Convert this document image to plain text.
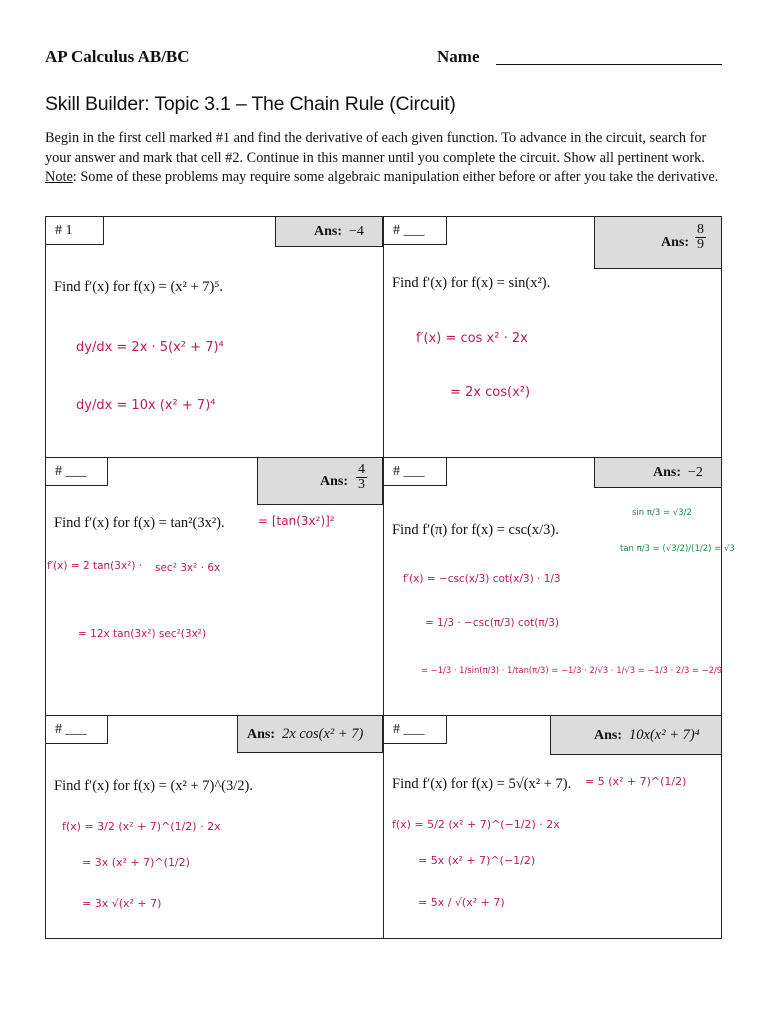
AP Calculus AB/BC	Name
Skill Builder: Topic 3.1 – The Chain Rule (Circuit)
Begin in the first cell marked #1 and find the derivative of each given function. To advance in the circuit, search for your answer and mark that cell #2. Continue in this manner until you complete the circuit. Show all pertinent work. Note: Some of these problems may require some algebraic manipulation either before or after you take the derivative.
# 1	Ans: −4
Find f′(x) for f(x) = (x² + 7)⁵.
dy/dx = 2x · 5(x² + 7)⁴
dy/dx = 10x (x² + 7)⁴
# ___
Ans: $\frac{8}{9}$
Find f′(x) for f(x) = sin(x²).
f′(x) = cos x² · 2x
= 2x cos(x²)
# ___
Ans: $\frac{4}{3}$
Find f′(x) for f(x) = tan²(3x²).	= [tan(3x²)]²
f′(x) = 2 tan(3x²) · sec² 3x² · 6x
= 12x tan(3x²) sec²(3x²)
# ___	Ans: −2
Find f′(π) for f(x) = csc(x/3).
sin π/3 = √3/2
tan π/3 = (√3/2)/(1/2) = √3
f′(x) = −csc(x/3) cot(x/3) · 1/3
= 1/3 · −csc(π/3) cot(π/3)
= −1/3 · 1/sin(π/3) · 1/tan(π/3) = −1/3 · 2/√3 · 1/√3 = −1/3 · 2/3 = −2/9
# ___	Ans: 2x cos(x² + 7)
Find f′(x) for f(x) = (x² + 7)^(3/2).
f(x) = 3/2 (x² + 7)^(1/2) · 2x
= 3x (x² + 7)^(1/2)
= 3x √(x² + 7)
# ___	Ans: 10x(x² + 7)⁴
Find f′(x) for f(x) = 5√(x² + 7). = 5 (x² + 7)^(1/2)
f(x) = 5/2 (x² + 7)^(−1/2) · 2x
= 5x (x² + 7)^(−1/2)
= 5x / √(x² + 7)
